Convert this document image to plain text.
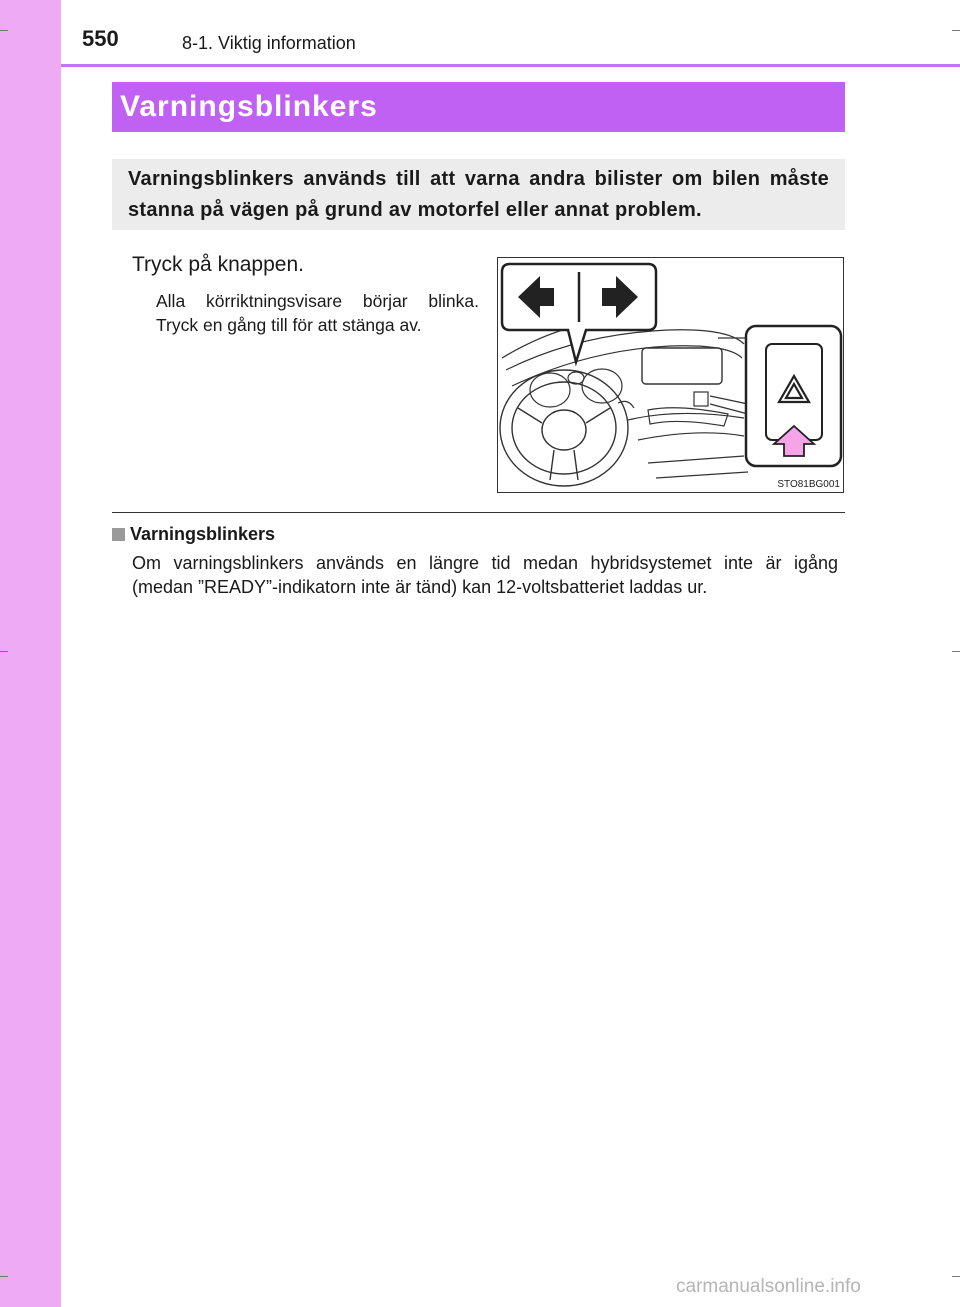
550	8-1. Viktig information
Varningsblinkers
Varningsblinkers används till att varna andra bilister om bilen måste stanna på vägen på grund av motorfel eller annat problem.
Tryck på knappen.

Alla körriktningsvisare börjar blinka.

Tryck en gång till för att stänga av.

STO81BG001
Varningsblinkers

Om varningsblinkers används en längre tid medan hybridsystemet inte är igång

(medan ”READY”-indikatorn inte är tänd) kan 12-voltsbatteriet laddas ur.

carmanualsonline.info
